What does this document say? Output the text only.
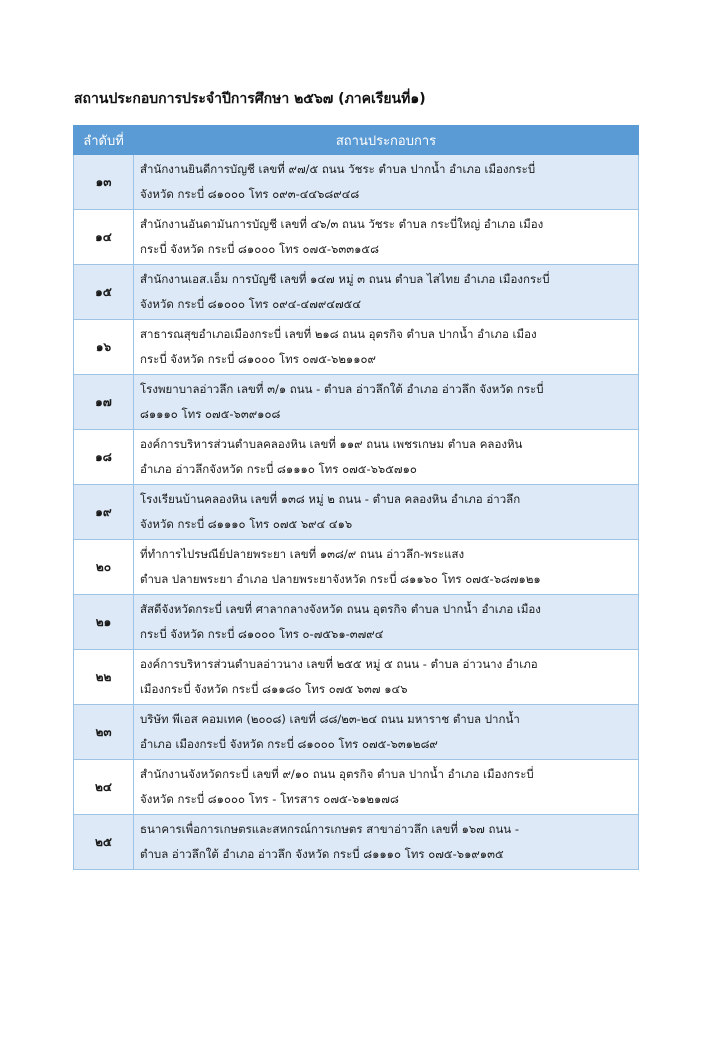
สถานประกอบการประจำปีการศึกษา ๒๕๖๗ (ภาคเรียนที่๑)
ลำดับที่	สถานประกอบการ
๑๓	สำนักงานยินดีการบัญชี เลขที่ ๙๗/๕ ถนน วัชระ ตำบล ปากน้ำ อำเภอ เมืองกระบี่
จังหวัด กระบี่ ๘๑๐๐๐ โทร ๐๙๓-๔๔๖๘๙๔๘

๑๔	สำนักงานอันดามันการบัญชี เลขที่ ๔๖/๓ ถนน วัชระ ตำบล กระบี่ใหญ่ อำเภอ เมือง
กระบี่ จังหวัด กระบี่ ๘๑๐๐๐ โทร ๐๗๕-๖๓๓๑๕๘

๑๕	สำนักงานเอส.เอ็ม การบัญชี เลขที่ ๑๔๗ หมู่ ๓ ถนน ตำบล ไสไทย อำเภอ เมืองกระบี่
จังหวัด กระบี่ ๘๑๐๐๐ โทร ๐๙๔-๔๗๙๔๗๕๔

๑๖	สาธารณสุขอำเภอเมืองกระบี่ เลขที่ ๒๑๘ ถนน อุตรกิจ ตำบล ปากน้ำ อำเภอ เมือง
กระบี่ จังหวัด กระบี่ ๘๑๐๐๐ โทร ๐๗๕-๖๒๑๑๐๙

๑๗	โรงพยาบาลอ่าวลึก เลขที่ ๓/๑ ถนน - ตำบล อ่าวลึกใต้ อำเภอ อ่าวลึก จังหวัด กระบี่
๘๑๑๑๐ โทร ๐๗๕-๖๓๙๑๐๘

๑๘	องค์การบริหารส่วนตำบลคลองหิน เลขที่ ๑๑๙ ถนน เพชรเกษม ตำบล คลองหิน
อำเภอ อ่าวลึกจังหวัด กระบี่ ๘๑๑๑๐ โทร ๐๗๕-๖๖๕๗๑๐

๑๙	โรงเรียนบ้านคลองหิน เลขที่ ๑๓๘ หมู่ ๒ ถนน - ตำบล คลองหิน อำเภอ อ่าวลึก
จังหวัด กระบี่ ๘๑๑๑๐ โทร ๐๗๕ ๖๙๔ ๔๑๖

๒๐	ที่ทำการไปรษณีย์ปลายพระยา เลขที่ ๑๓๘/๙ ถนน อ่าวลึก-พระแสง
ตำบล ปลายพระยา อำเภอ ปลายพระยาจังหวัด กระบี่ ๘๑๑๖๐ โทร ๐๗๕-๖๘๗๑๒๑

๒๑	สัสดีจังหวัดกระบี่ เลขที่ ศาลากลางจังหวัด ถนน อุตรกิจ ตำบล ปากน้ำ อำเภอ เมือง
กระบี่ จังหวัด กระบี่ ๘๑๐๐๐ โทร ๐-๗๕๖๑-๓๗๙๔

๒๒	องค์การบริหารส่วนตำบลอ่าวนาง เลขที่ ๒๕๕ หมู่ ๕ ถนน - ตำบล อ่าวนาง อำเภอ
เมืองกระบี่ จังหวัด กระบี่ ๘๑๑๘๐ โทร ๐๗๕ ๖๓๗ ๑๔๖

๒๓	บริษัท พีเอส คอมเทค (๒๐๐๘) เลขที่ ๘๘/๒๓-๒๔ ถนน มหาราช ตำบล ปากน้ำ
อำเภอ เมืองกระบี่ จังหวัด กระบี่ ๘๑๐๐๐ โทร ๐๗๕-๖๓๑๒๘๙

๒๔	สำนักงานจังหวัดกระบี่ เลขที่ ๙/๑๐ ถนน อุตรกิจ ตำบล ปากน้ำ อำเภอ เมืองกระบี่
จังหวัด กระบี่ ๘๑๐๐๐ โทร - โทรสาร ๐๗๕-๖๑๒๑๗๘

๒๕	ธนาคารเพื่อการเกษตรและสหกรณ์การเกษตร สาขาอ่าวลึก เลขที่ ๑๖๗ ถนน -
ตำบล อ่าวลึกใต้ อำเภอ อ่าวลึก จังหวัด กระบี่ ๘๑๑๑๐ โทร ๐๗๕-๖๑๙๑๓๕
